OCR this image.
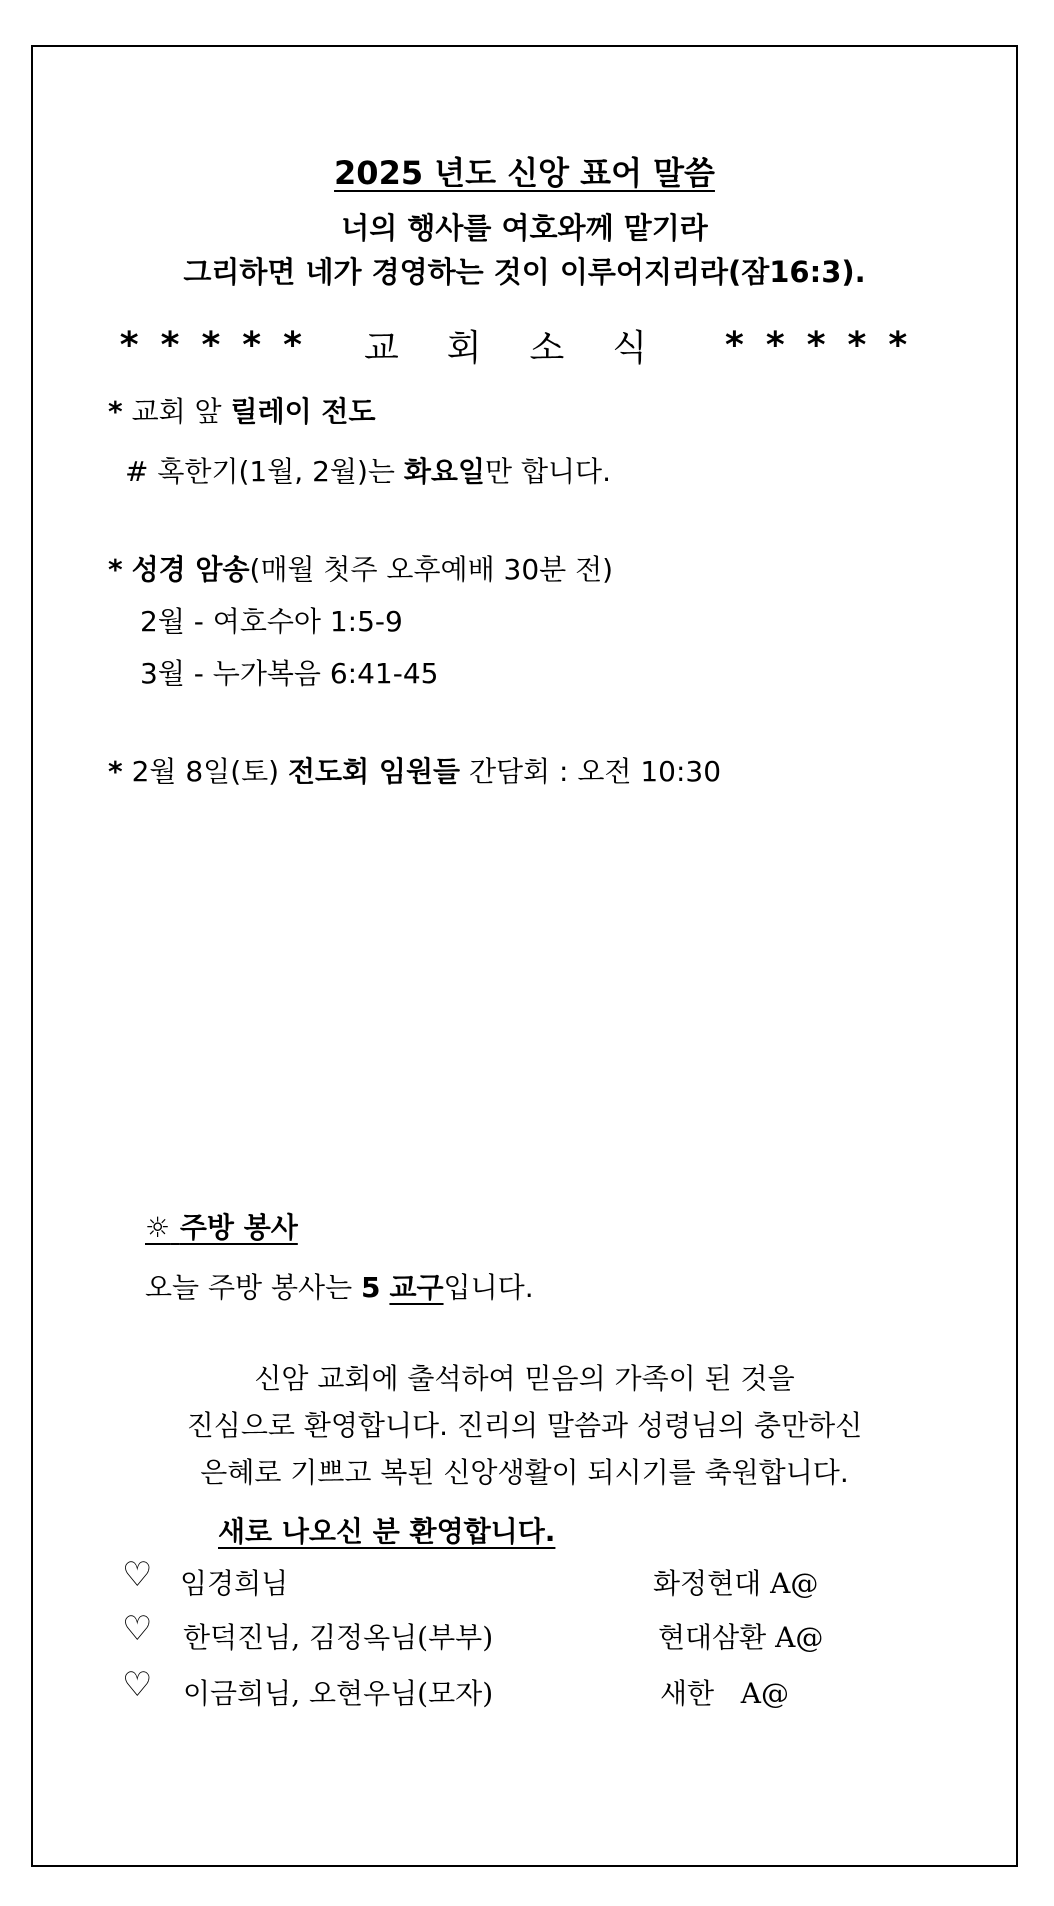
2025 년도 신앙 표어 말씀
너의 행사를 여호와께 맡기라
그리하면 네가 경영하는 것이 이루어지리라(잠16:3).
***** 교회소식 *****
* 교회 앞 릴레이 전도
# 혹한기(1월, 2월)는 화요일만 합니다.
* 성경 암송(매월 첫주 오후예배 30분 전)
2월 - 여호수아 1:5-9
3월 - 누가복음 6:41-45
* 2월 8일(토) 전도회 임원들 간담회 : 오전 10:30
☼ 주방 봉사
오늘 주방 봉사는 5 교구입니다.
신암 교회에 출석하여 믿음의 가족이 된 것을
진심으로 환영합니다. 진리의 말씀과 성령님의 충만하신
은혜로 기쁘고 복된 신앙생활이 되시기를 축원합니다.
새로 나오신 분 환영합니다.
♡ 임경희님	화정현대 A@
♡ 한덕진님, 김정옥님(부부)	현대삼환 A@
♡ 이금희님, 오현우님(모자)	새한   A@
